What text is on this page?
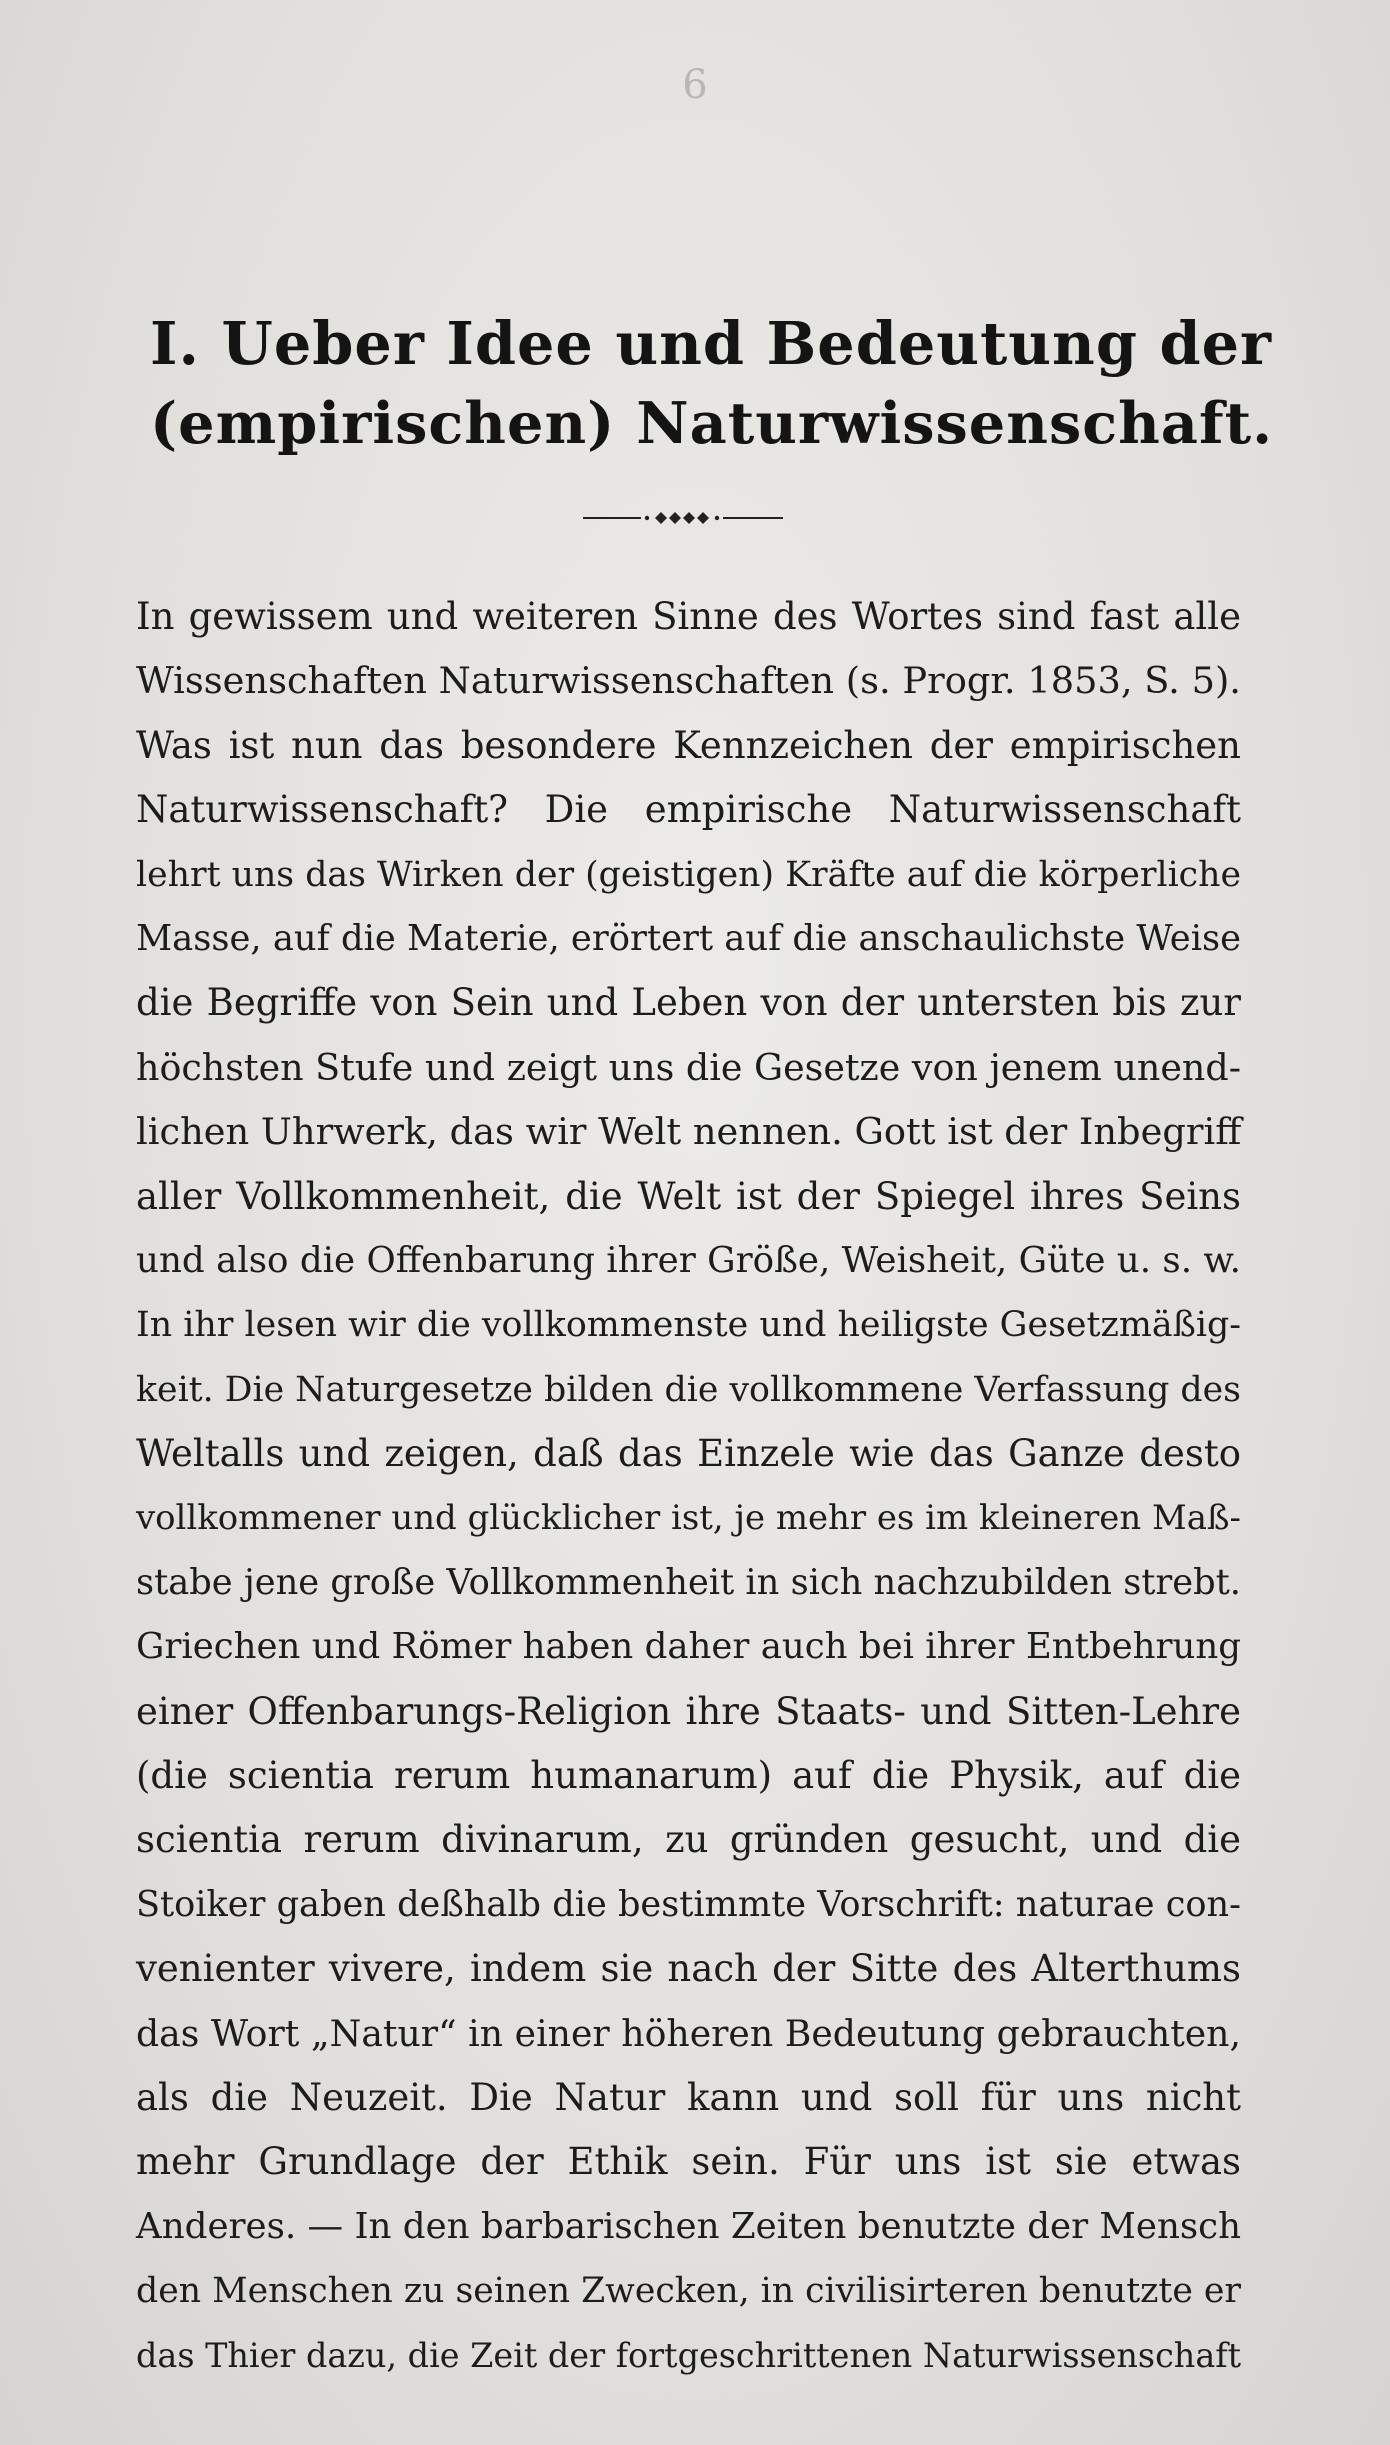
6
I. Ueber Idee und Bedeutung der
(empirischen) Naturwissenschaft.
In gewissem und weiteren Sinne des Wortes sind fast alle
Wissenschaften Naturwissenschaften (s. Progr. 1853, S. 5).
Was ist nun das besondere Kennzeichen der empirischen
Naturwissenschaft? Die empirische Naturwissenschaft
lehrt uns das Wirken der (geistigen) Kräfte auf die körperliche
Masse, auf die Materie, erörtert auf die anschaulichste Weise
die Begriffe von Sein und Leben von der untersten bis zur
höchsten Stufe und zeigt uns die Gesetze von jenem unend-
lichen Uhrwerk, das wir Welt nennen. Gott ist der Inbegriff
aller Vollkommenheit, die Welt ist der Spiegel ihres Seins
und also die Offenbarung ihrer Größe, Weisheit, Güte u. s. w.
In ihr lesen wir die vollkommenste und heiligste Gesetzmäßig-
keit. Die Naturgesetze bilden die vollkommene Verfassung des
Weltalls und zeigen, daß das Einzele wie das Ganze desto
vollkommener und glücklicher ist, je mehr es im kleineren Maß-
stabe jene große Vollkommenheit in sich nachzubilden strebt.
Griechen und Römer haben daher auch bei ihrer Entbehrung
einer Offenbarungs-Religion ihre Staats- und Sitten-Lehre
(die scientia rerum humanarum) auf die Physik, auf die
scientia rerum divinarum, zu gründen gesucht, und die
Stoiker gaben deßhalb die bestimmte Vorschrift: naturae con-
venienter vivere, indem sie nach der Sitte des Alterthums
das Wort „Natur“ in einer höheren Bedeutung gebrauchten,
als die Neuzeit. Die Natur kann und soll für uns nicht
mehr Grundlage der Ethik sein. Für uns ist sie etwas
Anderes. — In den barbarischen Zeiten benutzte der Mensch
den Menschen zu seinen Zwecken, in civilisirteren benutzte er
das Thier dazu, die Zeit der fortgeschrittenen Naturwissenschaft
